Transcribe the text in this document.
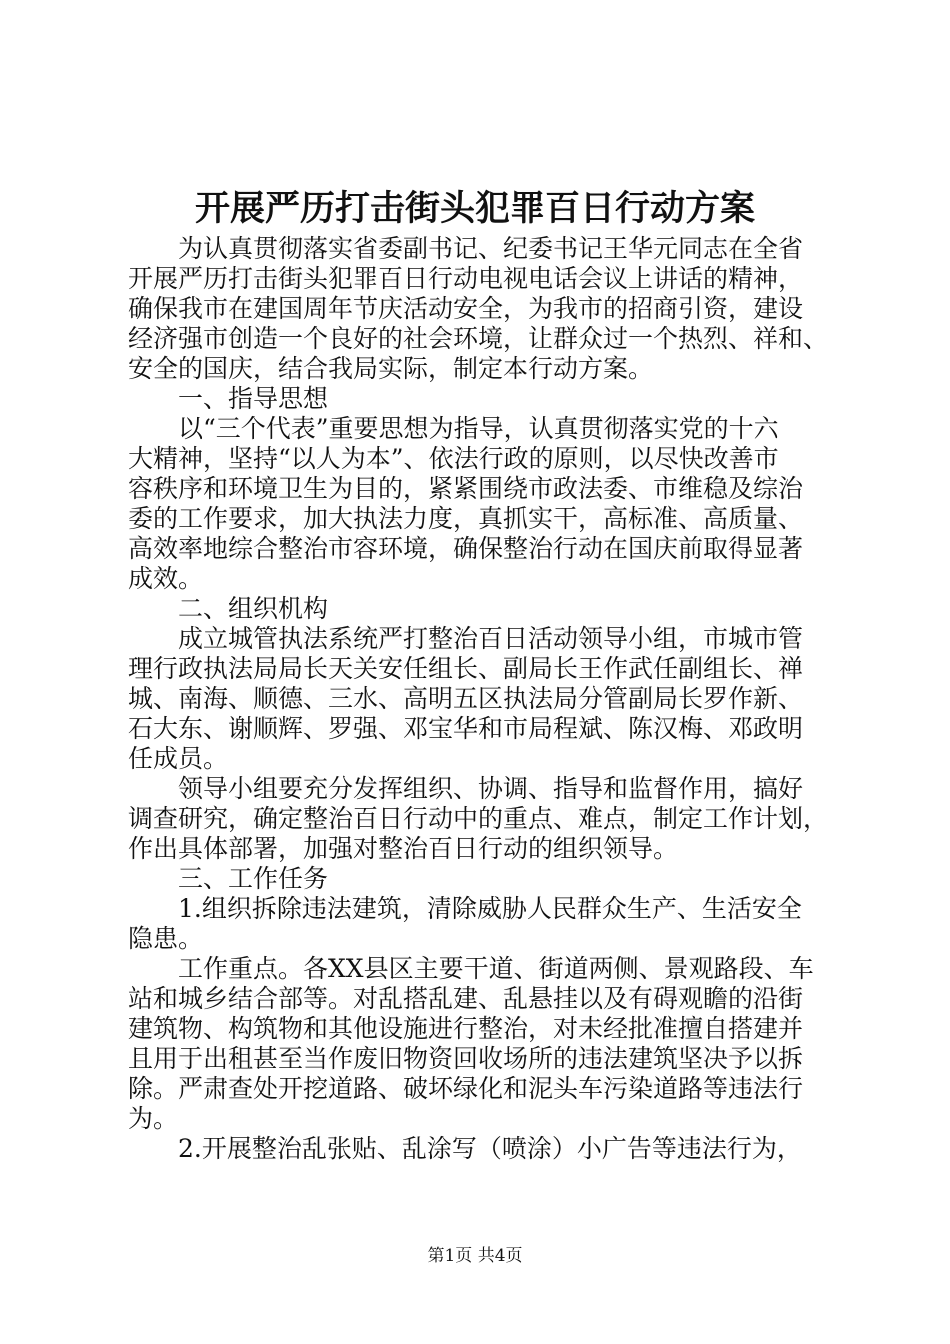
开展严历打击街头犯罪百日行动方案
　　为认真贯彻落实省委副书记、纪委书记王华元同志在全省
开展严历打击街头犯罪百日行动电视电话会议上讲话的精神，
确保我市在建国周年节庆活动安全，为我市的招商引资，建设
经济强市创造一个良好的社会环境，让群众过一个热烈、祥和、
安全的国庆，结合我局实际，制定本行动方案。
　　一、指导思想
　　以“三个代表”重要思想为指导，认真贯彻落实党的十六
大精神，坚持“以人为本”、依法行政的原则，以尽快改善市
容秩序和环境卫生为目的，紧紧围绕市政法委、市维稳及综治
委的工作要求，加大执法力度，真抓实干，高标准、高质量、
高效率地综合整治市容环境，确保整治行动在国庆前取得显著
成效。
　　二、组织机构
　　成立城管执法系统严打整治百日活动领导小组，市城市管
理行政执法局局长天关安任组长、副局长王作武任副组长、禅
城、南海、顺德、三水、高明五区执法局分管副局长罗作新、
石大东、谢顺辉、罗强、邓宝华和市局程斌、陈汉梅、邓政明
任成员。
　　领导小组要充分发挥组织、协调、指导和监督作用，搞好
调查研究，确定整治百日行动中的重点、难点，制定工作计划，
作出具体部署，加强对整治百日行动的组织领导。
　　三、工作任务
　　1.组织拆除违法建筑，清除威胁人民群众生产、生活安全
隐患。
　　工作重点。各XX县区主要干道、街道两侧、景观路段、车
站和城乡结合部等。对乱搭乱建、乱悬挂以及有碍观瞻的沿街
建筑物、构筑物和其他设施进行整治，对未经批准擅自搭建并
且用于出租甚至当作废旧物资回收场所的违法建筑坚决予以拆
除。严肃查处开挖道路、破坏绿化和泥头车污染道路等违法行
为。
　　2.开展整治乱张贴、乱涂写（喷涂）小广告等违法行为，
第1页 共4页
